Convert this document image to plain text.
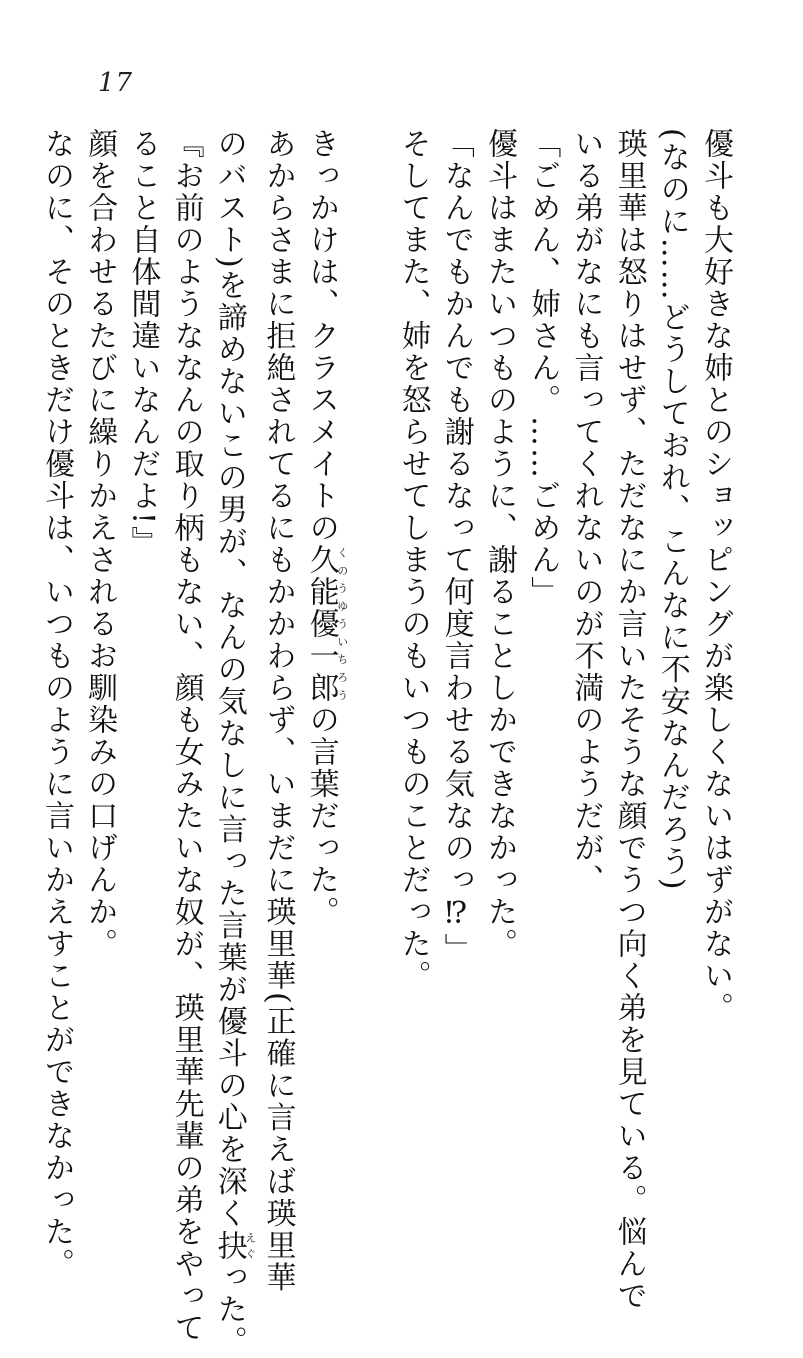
17
優斗も大好きな姉とのショッピングが楽しくないはずがない。
(なのに……どうしておれ、こんなに不安なんだろう)
瑛里華は怒りはせず、ただなにか言いたそうな顔でうつ向く弟を見ている。悩んで
いる弟がなにも言ってくれないのが不満のようだが、
「ごめん、姉さん。……ごめん」
優斗はまたいつものように、謝ることしかできなかった。
「なんでもかんでも謝るなって何度言わせる気なのっ⁉」
そしてまた、姉を怒らせてしまうのもいつものことだった。
きっかけは、クラスメイトの久能優一郎くのうゆういちろうの言葉だった。
あからさまに拒絶されてるにもかかわらず、いまだに瑛里華(正確に言えば瑛里華
のバスト)を諦めないこの男が、なんの気なしに言った言葉が優斗の心を深く抉えぐった。
『お前のようななんの取り柄もない、顔も女みたいな奴が、瑛里華先輩の弟をやって
ること自体間違いなんだよ!』
顔を合わせるたびに繰りかえされるお馴染みの口げんか。
なのに、そのときだけ優斗は、いつものように言いかえすことができなかった。
